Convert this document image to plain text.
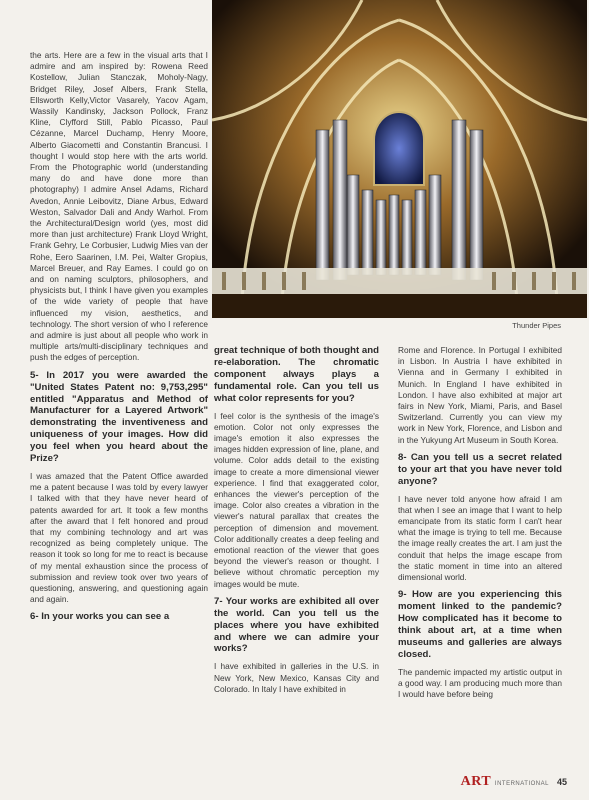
the arts. Here are a few in the visual arts that I admire and am inspired by: Rowena Reed Kostellow, Julian Stanczak, Moholy-Nagy, Bridget Riley, Josef Albers, Frank Stella, Ellsworth Kelly,Victor Vasarely, Yacov Agam, Wassily Kandinsky, Jackson Pollock, Franz Kline, Clyfford Still, Pablo Picasso, Paul Cézanne, Marcel Duchamp, Henry Moore, Alberto Giacometti and Constantin Brancusi. I thought I would stop here with the arts world. From the Photographic world (understanding many do and have done more than photography) I admire Ansel Adams, Richard Avedon, Annie Leibovitz, Diane Arbus, Edward Weston, Salvador Dali and Andy Warhol. From the Architectural/Design world (yes, most did more than just architecture) Frank Lloyd Wright, Frank Gehry, Le Corbusier, Ludwig Mies van der Rohe, Eero Saarinen, I.M. Pei, Walter Gropius, Marcel Breuer, and Ray Eames. I could go on and on naming sculptors, philosophers, and physicists but, I think I have given you examples of the wide variety of people that have influenced my vision, aesthetics, and technology. The short version of who I reference and admire is just about all people who work in multiple arts/multi-disciplinary techniques and push the edges of perception.

5- In 2017 you were awarded the "United States Patent no: 9,753,295" entitled "Apparatus and Method of Manufacturer for a Layered Artwork" demonstrating the inventiveness and uniqueness of your images. How did you feel when you heard about the Prize?

I was amazed that the Patent Office awarded me a patent because I was told by every lawyer I talked with that they have never heard of patents awarded for art. It took a few months after the award that I felt honored and proud that my combining technology and art was recognized as being completely unique. The reason it took so long for me to react is because of my mental exhaustion since the process of submission and review took over two years of questioning, answering, and questioning again and again.

6- In your works you can see a

Thunder Pipes

great technique of both thought and re-elaboration. The chromatic component always plays a fundamental role. Can you tell us what color represents for you?

I feel color is the synthesis of the image's emotion. Color not only expresses the image's emotion it also expresses the images hidden expression of line, plane, and volume. Color adds detail to the existing image to create a more dimensional viewer experience. I find that exaggerated color, enhances the viewer's perception of the image. Color also creates a vibration in the viewer's natural parallax that creates the perception of dimension and movement. Color additionally creates a deep feeling and emotional reaction of the viewer that goes beyond the viewer's reason or thought. I believe without chromatic perception my images would be mute.

7- Your works are exhibited all over the world. Can you tell us the places where you have exhibited and where we can admire your works?

I have exhibited in galleries in the U.S. in New York, New Mexico, Kansas City and Colorado. In Italy I have exhibited in

Rome and Florence. In Portugal I exhibited in Lisbon. In Austria I have exhibited in Vienna and in Germany I exhibited in Munich. In England I have exhibited in London. I have also exhibited at major art fairs in New York, Miami, Paris, and Basel Switzerland. Currently you can view my work in New York, Florence, and Lisbon and in the Yukyung Art Museum in South Korea.

8- Can you tell us a secret related to your art that you have never told anyone?

I have never told anyone how afraid I am that when I see an image that I want to help emancipate from its static form I can't hear what the image is trying to tell me. Because the image really creates the art. I am just the conduit that helps the image escape from the static moment in time into an altered dimensional world.

9- How are you experiencing this moment linked to the pandemic? How complicated has it become to think about art, at a time when museums and galleries are always closed.

The pandemic impacted my artistic output in a good way. I am producing much more than I would have before being

ART INTERNATIONAL 45
